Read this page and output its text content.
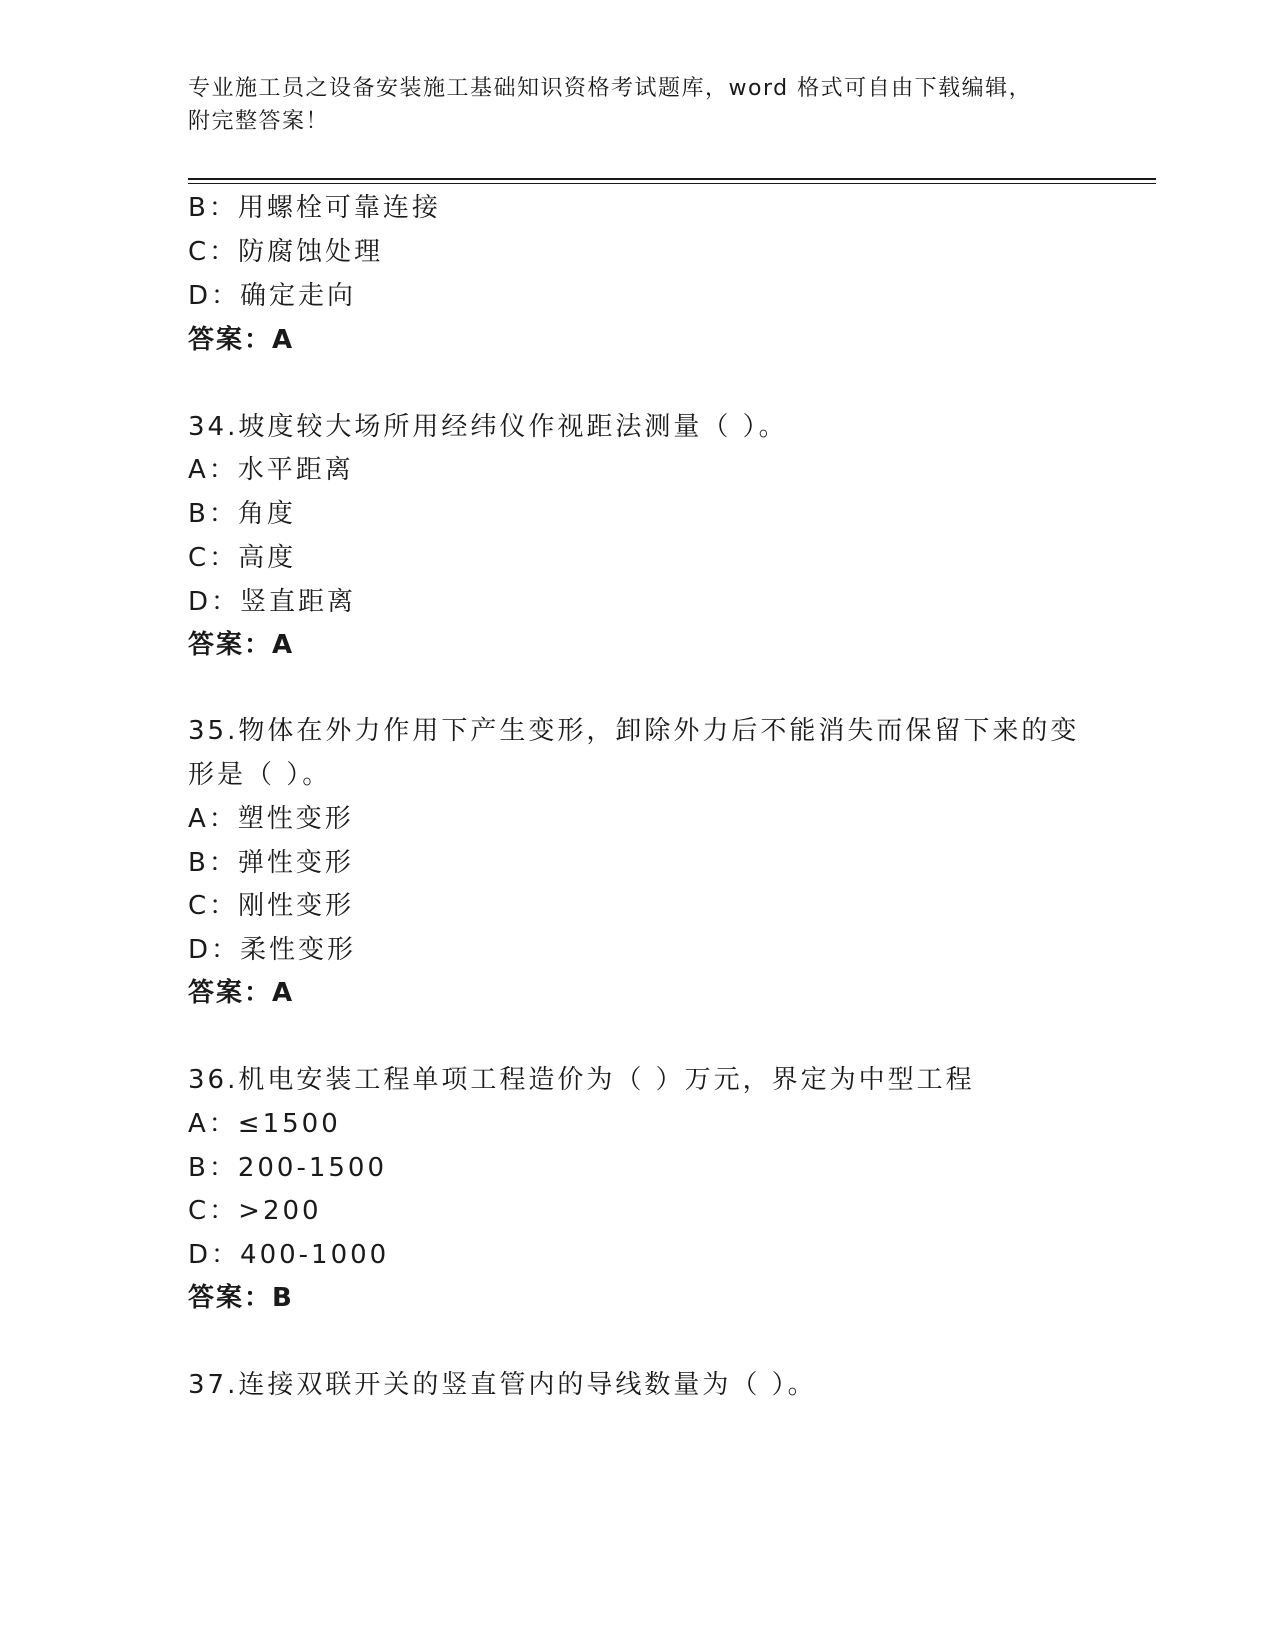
专业施工员之设备安装施工基础知识资格考试题库，word 格式可自由下载编辑，
附完整答案！
B：用螺栓可靠连接
C：防腐蚀处理
D：确定走向
答案：A
34.坡度较大场所用经纬仪作视距法测量（ ）。
A：水平距离
B：角度
C：高度
D：竖直距离
答案：A
35.物体在外力作用下产生变形，卸除外力后不能消失而保留下来的变
形是（ ）。
A：塑性变形
B：弹性变形
C：刚性变形
D：柔性变形
答案：A
36.机电安装工程单项工程造价为（ ）万元，界定为中型工程
A：≤1500
B：200-1500
C：>200
D：400-1000
答案：B
37.连接双联开关的竖直管内的导线数量为（ ）。
